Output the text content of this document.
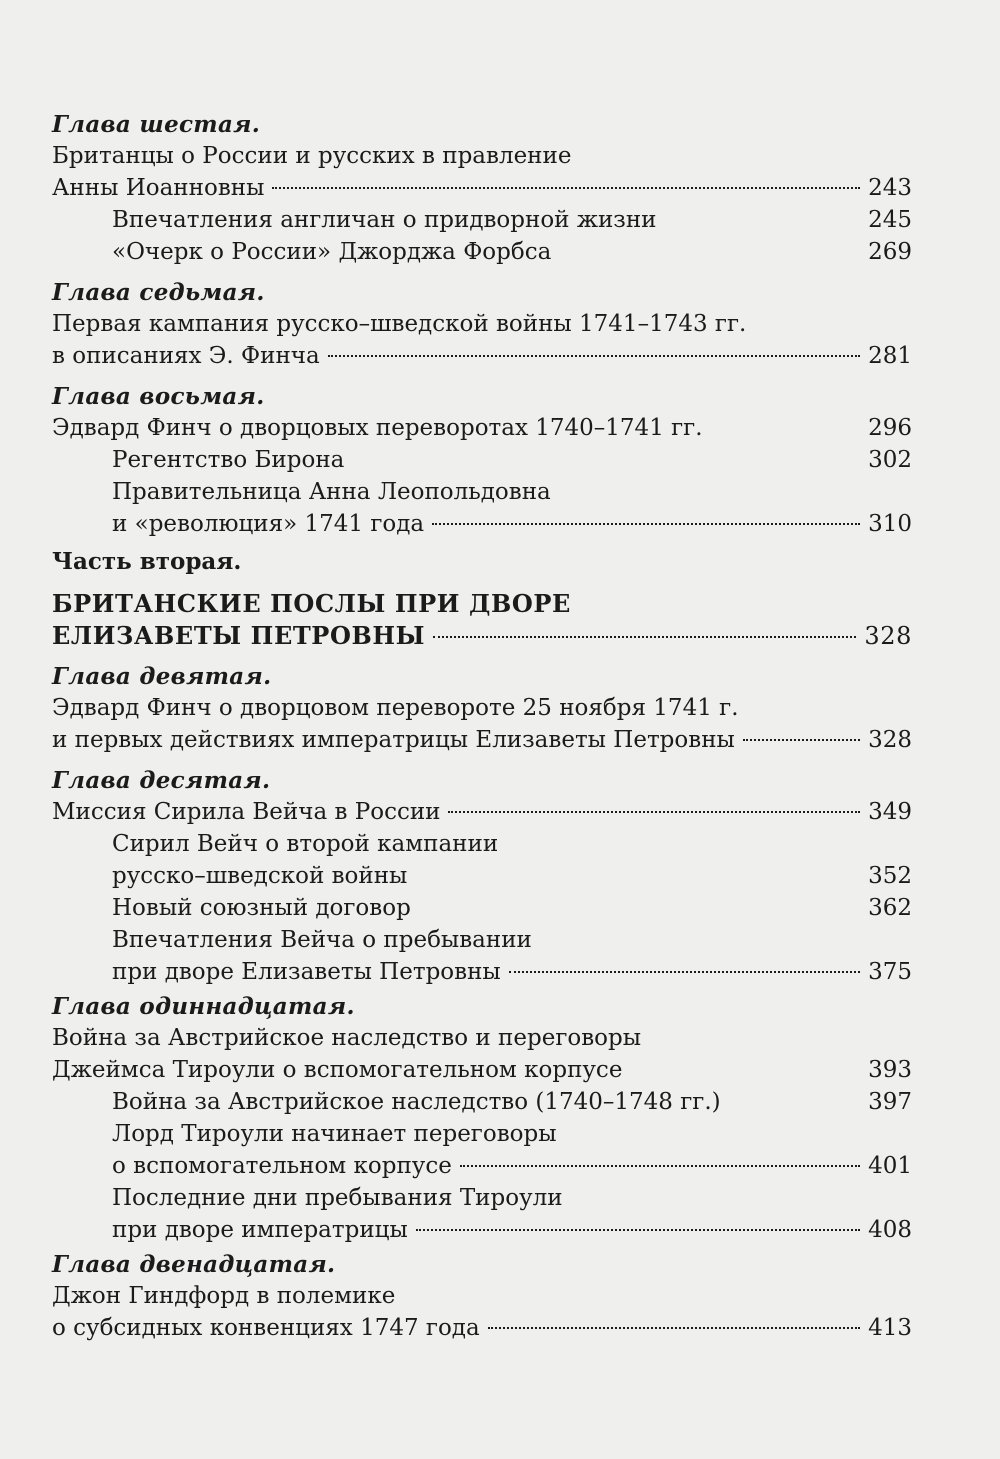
Глава шестая.
Британцы о России и русских в правление
Анны Иоанновны	243
Впечатления англичан о придворной жизни	245
«Очерк о России» Джорджа Форбса	269
Глава седьмая.
Первая кампания русско–шведской войны 1741–1743 гг.
в описаниях Э. Финча	281
Глава восьмая.
Эдвард Финч о дворцовых переворотах 1740–1741 гг.	296
Регентство Бирона	302
Правительница Анна Леопольдовна
и «революция» 1741 года	310
Часть вторая.
БРИТАНСКИЕ ПОСЛЫ ПРИ ДВОРЕ
ЕЛИЗАВЕТЫ ПЕТРОВНЫ	328
Глава девятая.
Эдвард Финч о дворцовом перевороте 25 ноября 1741 г.
и первых действиях императрицы Елизаветы Петровны	328
Глава десятая.
Миссия Сирила Вейча в России	349
Сирил Вейч о второй кампании
русско–шведской войны	352
Новый союзный договор	362
Впечатления Вейча о пребывании
при дворе Елизаветы Петровны	375
Глава одиннадцатая.
Война за Австрийское наследство и переговоры
Джеймса Тироули о вспомогательном корпусе	393
Война за Австрийское наследство (1740–1748 гг.)	397
Лорд Тироули начинает переговоры
о вспомогательном корпусе	401
Последние дни пребывания Тироули
при дворе императрицы	408
Глава двенадцатая.
Джон Гиндфорд в полемике
о субсидных конвенциях 1747 года	413
